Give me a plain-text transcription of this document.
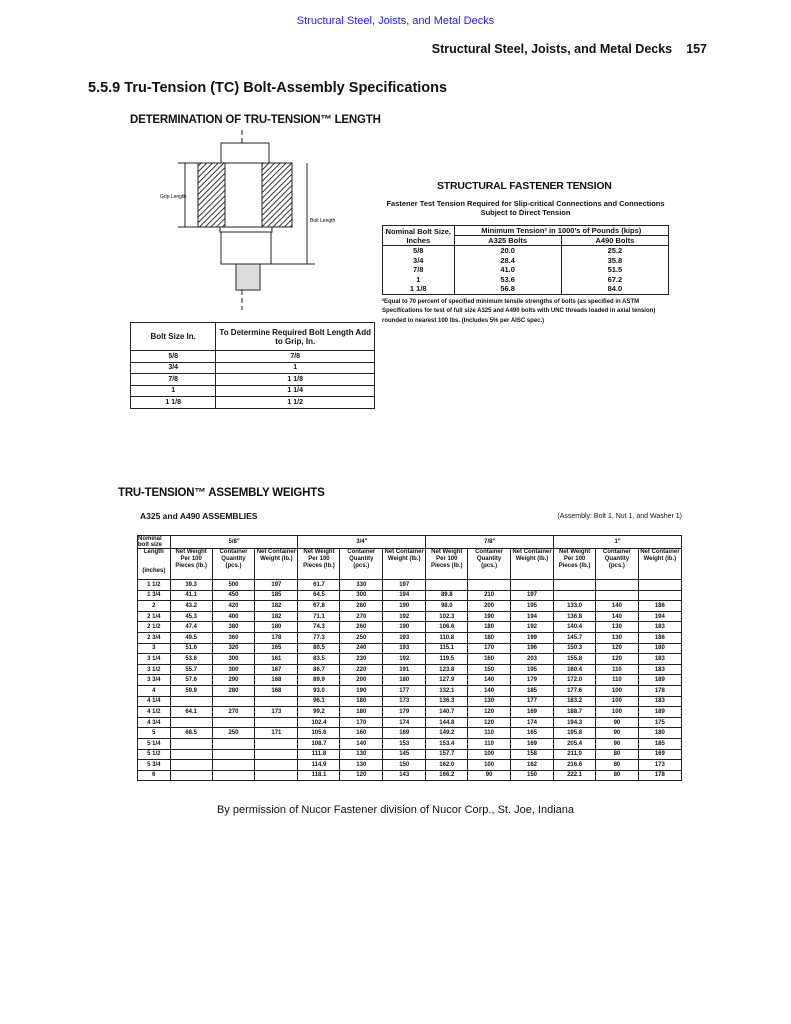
Structural Steel, Joists, and Metal Decks
Structural Steel, Joists, and Metal Decks 157
5.5.9 Tru-Tension (TC) Bolt-Assembly Specifications
DETERMINATION OF TRU-TENSION™ LENGTH
Grip Length
Bolt Length
Bolt Size In.	To Determine Required Bolt Length Add to Grip, In.
5/8	7/8
3/4	1
7/8	1 1/8
1	1 1/4
1 1/8	1 1/2
STRUCTURAL FASTENER TENSION
Fastener Test Tension Required for Slip-critical Connections and Connections Subject to Direct Tension
Nominal Bolt Size, Inches	Minimum Tension² in 1000's of Pounds (kips)	
	A325 Bolts	A490 Bolts
5/8	20.0	25.2
3/4	28.4	35.8
7/8	41.0	51.5
1	53.6	67.2
1 1/8	56.8	84.0
²Equal to 70 percent of specified minimum tensile strengths of bolts (as specified in ASTM Specifications for test of full size A325 and A490 bolts with UNC threads loaded in axial tension) rounded to nearest 100 lbs. (Includes 5% per AISC spec.)
TRU-TENSION™ ASSEMBLY WEIGHTS
A325 and A490 ASSEMBLIES	(Assembly: Bolt 1, Nut 1, and Washer 1)
Nominal bolt size	5/8"			3/4"			7/8"			1"		

Length
(inches)	Net Weight Per 100 Pieces (lb.)	Container Quantity (pcs.)	Net Container Weight (lb.)	Net Weight Per 100 Pieces (lb.)	Container Quantity (pcs.)	Net Container Weight (lb.)	Net Weight Per 100 Pieces (lb.)	Container Quantity (pcs.)	Net Container Weight (lb.)	Net Weight Per 100 Pieces (lb.)	Container Quantity (pcs.)	Net Container Weight (lb.)
1 1/2	39.3	500	197	61.7	330	197						
1 3/4	41.1	450	185	64.5	300	194	89.8	210	197			
2	43.2	420	182	67.8	280	190	98.0	200	195	133.0	140	186
2 1/4	45.3	400	182	71.1	270	192	102.3	190	194	136.8	140	194
2 1/2	47.4	380	180	74.3	260	190	106.6	180	192	140.4	130	183
2 3/4	49.5	360	178	77.3	250	193	110.8	180	199	145.7	130	186
3	51.6	320	165	80.5	240	193	115.1	170	196	150.3	120	180
3 1/4	53.6	300	161	83.5	230	192	119.5	160	203	155.8	120	183
3 1/2	55.7	300	167	86.7	220	191	123.8	150	195	160.4	110	183
3 3/4	57.6	290	168	89.9	200	180	127.9	140	179	172.0	110	189
4	59.9	280	168	93.0	190	177	132.1	140	185	177.6	100	178
4 1/4				96.1	180	173	136.3	130	177	183.2	100	183
4 1/2	64.1	270	173	99.2	180	179	140.7	120	169	188.7	100	189
4 3/4				102.4	170	174	144.8	120	174	194.3	90	175
5	68.5	250	171	105.6	160	169	149.2	110	165	195.8	90	180
5 1/4				108.7	140	153	153.4	110	169	205.4	90	185
5 1/2				111.8	130	145	157.7	100	158	211.0	80	169
5 3/4				114.9	130	150	162.0	100	162	216.6	80	173
6				118.1	120	143	166.2	90	150	222.1	80	178
By permission of Nucor Fastener division of Nucor Corp., St. Joe, Indiana
